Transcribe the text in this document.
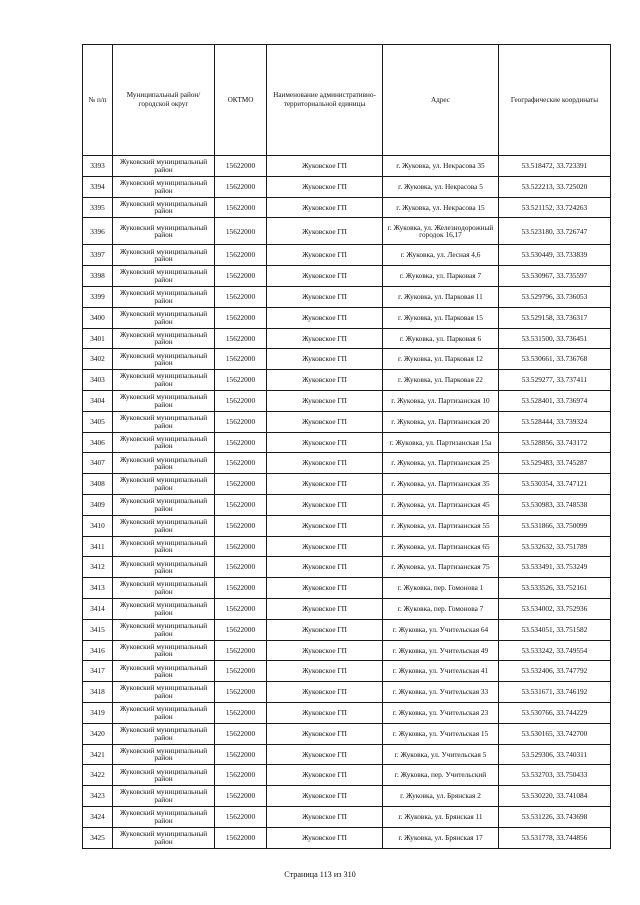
№ п/п	Муниципальный район/городской округ	ОКТМО	Наименование административно-территориальной единицы	Адрес	Географические координаты
3393	Жуковский муниципальный район	15622000	Жуковское ГП	г. Жуковка, ул. Некрасова 35	53.518472, 33.723391
3394	Жуковский муниципальный район	15622000	Жуковское ГП	г. Жуковка, ул. Некрасова 5	53.522213, 33.725020
3395	Жуковский муниципальный район	15622000	Жуковское ГП	г. Жуковка, ул. Некрасова 15	53.521152, 33.724263
3396	Жуковский муниципальный район	15622000	Жуковское ГП	г. Жуковка, ул. Железнодорожный городок 16,17	53.523180, 33.726747
3397	Жуковский муниципальный район	15622000	Жуковское ГП	г. Жуковка, ул. Лесная 4,6	53.530449, 33.733839
3398	Жуковский муниципальный район	15622000	Жуковское ГП	г. Жуковка, ул. Парковая 7	53.530967, 33.735597
3399	Жуковский муниципальный район	15622000	Жуковское ГП	г. Жуковка, ул. Парковая 11	53.529796, 33.736053
3400	Жуковский муниципальный район	15622000	Жуковское ГП	г. Жуковка, ул. Парковая 15	53.529158, 33.736317
3401	Жуковский муниципальный район	15622000	Жуковское ГП	г. Жуковка, ул. Парковая 6	53.531500, 33.736451
3402	Жуковский муниципальный район	15622000	Жуковское ГП	г. Жуковка, ул. Парковая 12	53.530661, 33.736768
3403	Жуковский муниципальный район	15622000	Жуковское ГП	г. Жуковка, ул. Парковая 22	53.529277, 33.737411
3404	Жуковский муниципальный район	15622000	Жуковское ГП	г. Жуковка, ул. Партизанская 10	53.528401, 33.736974
3405	Жуковский муниципальный район	15622000	Жуковское ГП	г. Жуковка, ул. Партизанская 20	53.528444, 33.739324
3406	Жуковский муниципальный район	15622000	Жуковское ГП	г. Жуковка, ул. Партизанская 15а	53.528856, 33.743172
3407	Жуковский муниципальный район	15622000	Жуковское ГП	г. Жуковка, ул. Партизанская 25	53.529483, 33.745287
3408	Жуковский муниципальный район	15622000	Жуковское ГП	г. Жуковка, ул. Партизанская 35	53.530354, 33.747121
3409	Жуковский муниципальный район	15622000	Жуковское ГП	г. Жуковка, ул. Партизанская 45	53.530983, 33.748538
3410	Жуковский муниципальный район	15622000	Жуковское ГП	г. Жуковка, ул. Партизанская 55	53.531866, 33.750099
3411	Жуковский муниципальный район	15622000	Жуковское ГП	г. Жуковка, ул. Партизанская 65	53.532632, 33.751789
3412	Жуковский муниципальный район	15622000	Жуковское ГП	г. Жуковка, ул. Партизанская 75	53.533491, 33.753249
3413	Жуковский муниципальный район	15622000	Жуковское ГП	г. Жуковка, пер. Гомонова 1	53.533526, 33.752161
3414	Жуковский муниципальный район	15622000	Жуковское ГП	г. Жуковка, пер. Гомонова 7	53.534002, 33.752936
3415	Жуковский муниципальный район	15622000	Жуковское ГП	г. Жуковка, ул. Учительская 64	53.534051, 33.751582
3416	Жуковский муниципальный район	15622000	Жуковское ГП	г. Жуковка, ул. Учительская 49	53.533242, 33.749554
3417	Жуковский муниципальный район	15622000	Жуковское ГП	г. Жуковка, ул. Учительская 41	53.532406, 33.747792
3418	Жуковский муниципальный район	15622000	Жуковское ГП	г. Жуковка, ул. Учительская 33	53.531671, 33.746192
3419	Жуковский муниципальный район	15622000	Жуковское ГП	г. Жуковка, ул. Учительская 23	53.530766, 33.744229
3420	Жуковский муниципальный район	15622000	Жуковское ГП	г. Жуковка, ул. Учительская 15	53.530165, 33.742700
3421	Жуковский муниципальный район	15622000	Жуковское ГП	г. Жуковка, ул. Учительская 5	53.529306, 33.740311
3422	Жуковский муниципальный район	15622000	Жуковское ГП	г. Жуковка, пер. Учительский	53.532703, 33.750433
3423	Жуковский муниципальный район	15622000	Жуковское ГП	г. Жуковка, ул. Брянская 2	53.530220, 33.741084
3424	Жуковский муниципальный район	15622000	Жуковское ГП	г. Жуковка, ул. Брянская 11	53.531226, 33.743698
3425	Жуковский муниципальный район	15622000	Жуковское ГП	г. Жуковка, ул. Брянская 17	53.531778, 33.744856
Страница 113 из 310
